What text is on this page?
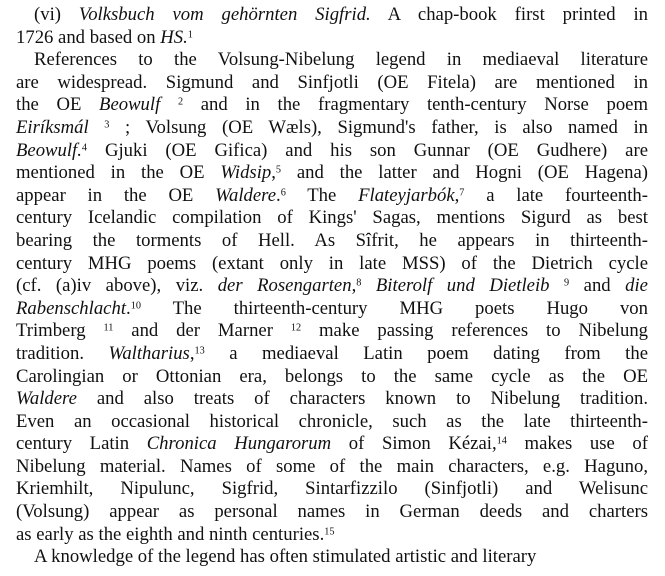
(vi) Volksbuch vom gehörnten Sigfrid. A chap-book first printed in
1726 and based on HS.$^1$
References to the Volsung-Nibelung legend in mediaeval literature
are widespread. Sigmund and Sinfjotli (OE Fitela) are mentioned in
the OE Beowulf $^2$ and in the fragmentary tenth-century Norse poem
Eiríksmál $^3$ ; Volsung (OE Wæls), Sigmund's father, is also named in
Beowulf.$^4$ Gjuki (OE Gifica) and his son Gunnar (OE Gudhere) are
mentioned in the OE Widsip,$^5$ and the latter and Hogni (OE Hagena)
appear in the OE Waldere.$^6$ The Flateyjarbók,$^7$ a late fourteenth-
century Icelandic compilation of Kings' Sagas, mentions Sigurd as best
bearing the torments of Hell. As Sîfrit, he appears in thirteenth-
century MHG poems (extant only in late MSS) of the Dietrich cycle
(cf. (a)iv above), viz. der Rosengarten,$^8$ Biterolf und Dietleib $^9$ and die
Rabenschlacht.$^{10}$ The thirteenth-century MHG poets Hugo von
Trimberg $^{11}$ and der Marner $^{12}$ make passing references to Nibelung
tradition. Waltharius,$^{13}$ a mediaeval Latin poem dating from the
Carolingian or Ottonian era, belongs to the same cycle as the OE
Waldere and also treats of characters known to Nibelung tradition.
Even an occasional historical chronicle, such as the late thirteenth-
century Latin Chronica Hungarorum of Simon Kézai,$^{14}$ makes use of
Nibelung material. Names of some of the main characters, e.g. Haguno,
Kriemhilt, Nipulunc, Sigfrid, Sintarfizzilo (Sinfjotli) and Welisunc
(Volsung) appear as personal names in German deeds and charters
as early as the eighth and ninth centuries.$^{15}$
A knowledge of the legend has often stimulated artistic and literary
